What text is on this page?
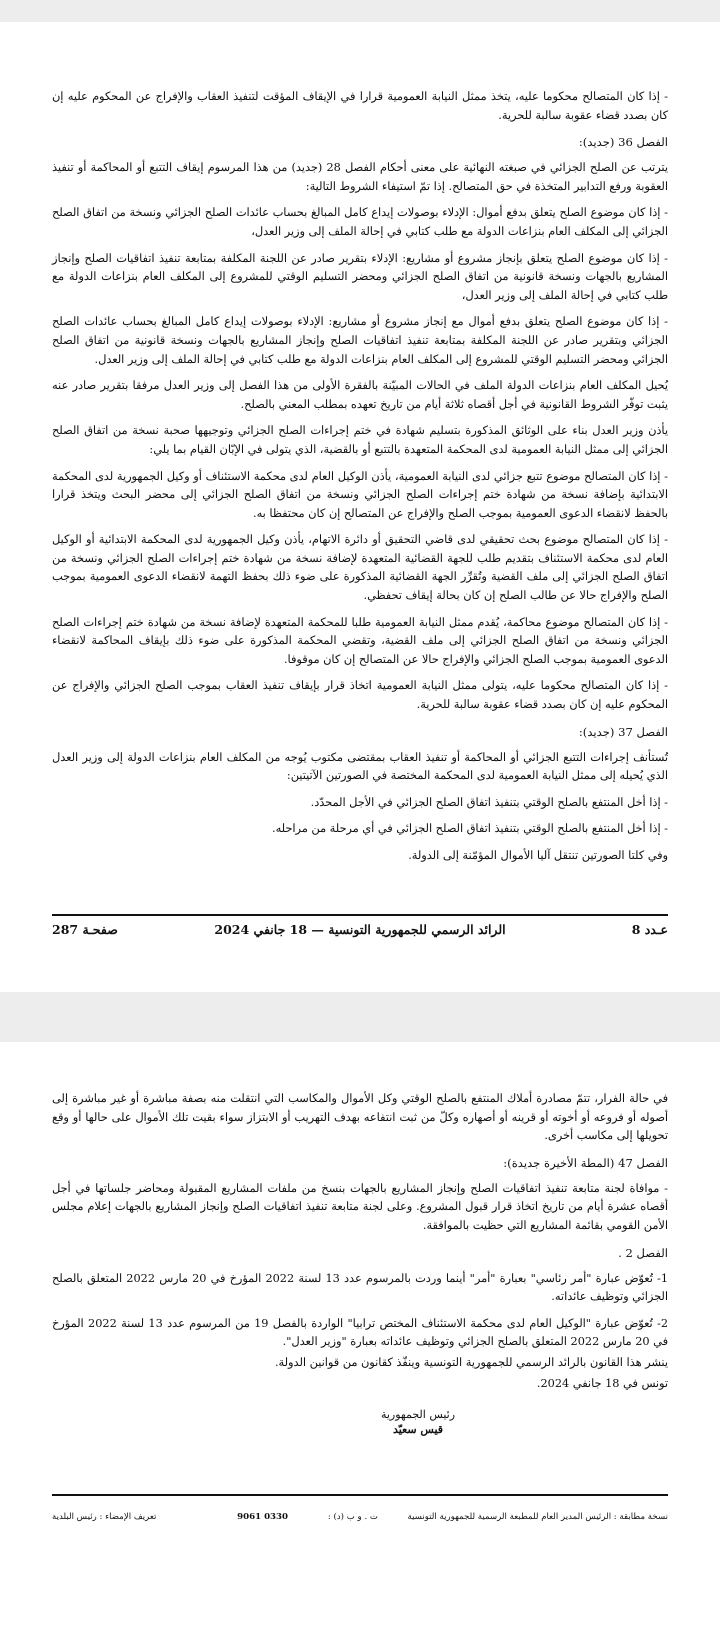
- إذا كان المتصالح محكوما عليه، يتخذ ممثل النيابة العمومية قرارا في الإيقاف المؤقت لتنفيذ العقاب والإفراج عن المحكوم عليه إن كان بصدد قضاء عقوبة سالبة للحرية.

الفصل 36 (جديد):

يترتب عن الصلح الجزائي في صبغته النهائية على معنى أحكام الفصل 28 (جديد) من هذا المرسوم إيقاف التتبع أو المحاكمة أو تنفيذ العقوبة ورفع التدابير المتخذة في حق المتصالح. إذا تمّ استيفاء الشروط التالية:

- إذا كان موضوع الصلح يتعلق بدفع أموال: الإدلاء بوصولات إيداع كامل المبالغ بحساب عائدات الصلح الجزائي ونسخة من اتفاق الصلح الجزائي إلى المكلف العام بنزاعات الدولة مع طلب كتابي في إحالة الملف إلى وزير العدل،

- إذا كان موضوع الصلح يتعلق بإنجاز مشروع أو مشاريع: الإدلاء بتقرير صادر عن اللجنة المكلفة بمتابعة تنفيذ اتفاقيات الصلح وإنجاز المشاريع بالجهات ونسخة قانونية من اتفاق الصلح الجزائي ومحضر التسليم الوقتي للمشروع إلى المكلف العام بنزاعات الدولة مع طلب كتابي في إحالة الملف إلى وزير العدل،

- إذا كان موضوع الصلح يتعلق بدفع أموال مع إنجاز مشروع أو مشاريع: الإدلاء بوصولات إيداع كامل المبالغ بحساب عائدات الصلح الجزائي وبتقرير صادر عن اللجنة المكلفة بمتابعة تنفيذ اتفاقيات الصلح وإنجاز المشاريع بالجهات ونسخة قانونية من اتفاق الصلح الجزائي ومحضر التسليم الوقتي للمشروع إلى المكلف العام بنزاعات الدولة مع طلب كتابي في إحالة الملف إلى وزير العدل.

يُحيل المكلف العام بنزاعات الدولة الملف في الحالات المبيّنة بالفقرة الأولى من هذا الفصل إلى وزير العدل مرفقا بتقرير صادر عنه يثبت توفّر الشروط القانونية في أجل أقصاه ثلاثة أيام من تاريخ تعهده بمطلب المعني بالصلح.

يأذن وزير العدل بناء على الوثائق المذكورة بتسليم شهادة في ختم إجراءات الصلح الجزائي وتوجيهها صحبة نسخة من اتفاق الصلح الجزائي إلى ممثل النيابة العمومية لدى المحكمة المتعهدة بالتتبع أو بالقضية، الذي يتولى في الإبّان القيام بما يلي:

- إذا كان المتصالح موضوع تتبع جزائي لدى النيابة العمومية، يأذن الوكيل العام لدى محكمة الاستئناف أو وكيل الجمهورية لدى المحكمة الابتدائية بإضافة نسخة من شهادة ختم إجراءات الصلح الجزائي ونسخة من اتفاق الصلح الجزائي إلى محضر البحث ويتخذ قرارا بالحفظ لانقضاء الدعوى العمومية بموجب الصلح والإفراج عن المتصالح إن كان محتفظا به.

- إذا كان المتصالح موضوع بحث تحقيقي لدى قاضي التحقيق أو دائرة الاتهام، يأذن وكيل الجمهورية لدى المحكمة الابتدائية أو الوكيل العام لدى محكمة الاستئناف بتقديم طلب للجهة القضائية المتعهدة لإضافة نسخة من شهادة ختم إجراءات الصلح الجزائي ونسخة من اتفاق الصلح الجزائي إلى ملف القضية وتُقرِّر الجهة القضائية المذكورة على ضوء ذلك بحفظ التهمة لانقضاء الدعوى العمومية بموجب الصلح والإفراج حالا عن طالب الصلح إن كان بحالة إيقاف تحفظي.

- إذا كان المتصالح موضوع محاكمة، يُقدم ممثل النيابة العمومية طلبا للمحكمة المتعهدة لإضافة نسخة من شهادة ختم إجراءات الصلح الجزائي ونسخة من اتفاق الصلح الجزائي إلى ملف القضية، وتقضي المحكمة المذكورة على ضوء ذلك بإيقاف المحاكمة لانقضاء الدعوى العمومية بموجب الصلح الجزائي والإفراج حالا عن المتصالح إن كان موقوفا.

- إذا كان المتصالح محكوما عليه، يتولى ممثل النيابة العمومية اتخاذ قرار بإيقاف تنفيذ العقاب بموجب الصلح الجزائي والإفراج عن المحكوم عليه إن كان بصدد قضاء عقوبة سالبة للحرية.

الفصل 37 (جديد):

تُستأنف إجراءات التتبع الجزائي أو المحاكمة أو تنفيذ العقاب بمقتضى مكتوب يُوجه من المكلف العام بنزاعات الدولة إلى وزير العدل الذي يُحيله إلى ممثل النيابة العمومية لدى المحكمة المختصة في الصورتين الآتيتين:

- إذا أخل المنتفع بالصلح الوقتي بتنفيذ اتفاق الصلح الجزائي في الأجل المحدّد.

- إذا أخل المنتفع بالصلح الوقتي بتنفيذ اتفاق الصلح الجزائي في أي مرحلة من مراحله.

وفي كلتا الصورتين تنتقل آليا الأموال المؤمّنة إلى الدولة.

عـدد 8
الرائد الرسمي للجمهورية التونسية — 18 جانفي 2024
صفحـة 287

في حالة الفرار، تتمّ مصادرة أملاك المنتفع بالصلح الوقتي وكل الأموال والمكاسب التي انتقلت منه بصفة مباشرة أو غير مباشرة إلى أصوله أو فروعه أو أخوته أو قرينه أو أصهاره وكلّ من ثبت انتفاعه بهدف التهريب أو الابتزاز سواء بقيت تلك الأموال على حالها أو وقع تحويلها إلى مكاسب أخرى.

الفصل 47 (المطة الأخيرة جديدة):

- موافاة لجنة متابعة تنفيذ اتفاقيات الصلح وإنجاز المشاريع بالجهات بنسخ من ملفات المشاريع المقبولة ومحاضر جلساتها في أجل أقصاه عشرة أيام من تاريخ اتخاذ قرار قبول المشروع. وعلى لجنة متابعة تنفيذ اتفاقيات الصلح وإنجاز المشاريع بالجهات إعلام مجلس الأمن القومي بقائمة المشاريع التي حظيت بالموافقة.

الفصل 2 .

1- تُعوّض عبارة "أمر رئاسي" بعبارة "أمر" أينما وردت بالمرسوم عدد 13 لسنة 2022 المؤرخ في 20 مارس 2022 المتعلق بالصلح الجزائي وتوظيف عائداته.

2- تُعوّض عبارة "الوكيل العام لدى محكمة الاستئناف المختص ترابيا" الواردة بالفصل 19 من المرسوم عدد 13 لسنة 2022 المؤرخ في 20 مارس 2022 المتعلق بالصلح الجزائي وتوظيف عائداته بعبارة "وزير العدل".

ينشر هذا القانون بالرائد الرسمي للجمهورية التونسية وينفّذ كقانون من قوانين الدولة.

تونس في 18 جانفي 2024.

رئيس الجمهورية
قيس سعيّد
نسخة مطابقة : الرئيس المدير العام للمطبعة الرسمية للجمهورية التونسية
ت . و ب (د) :
0330 9061
تعريف الإمضاء : رئيس البلدية
